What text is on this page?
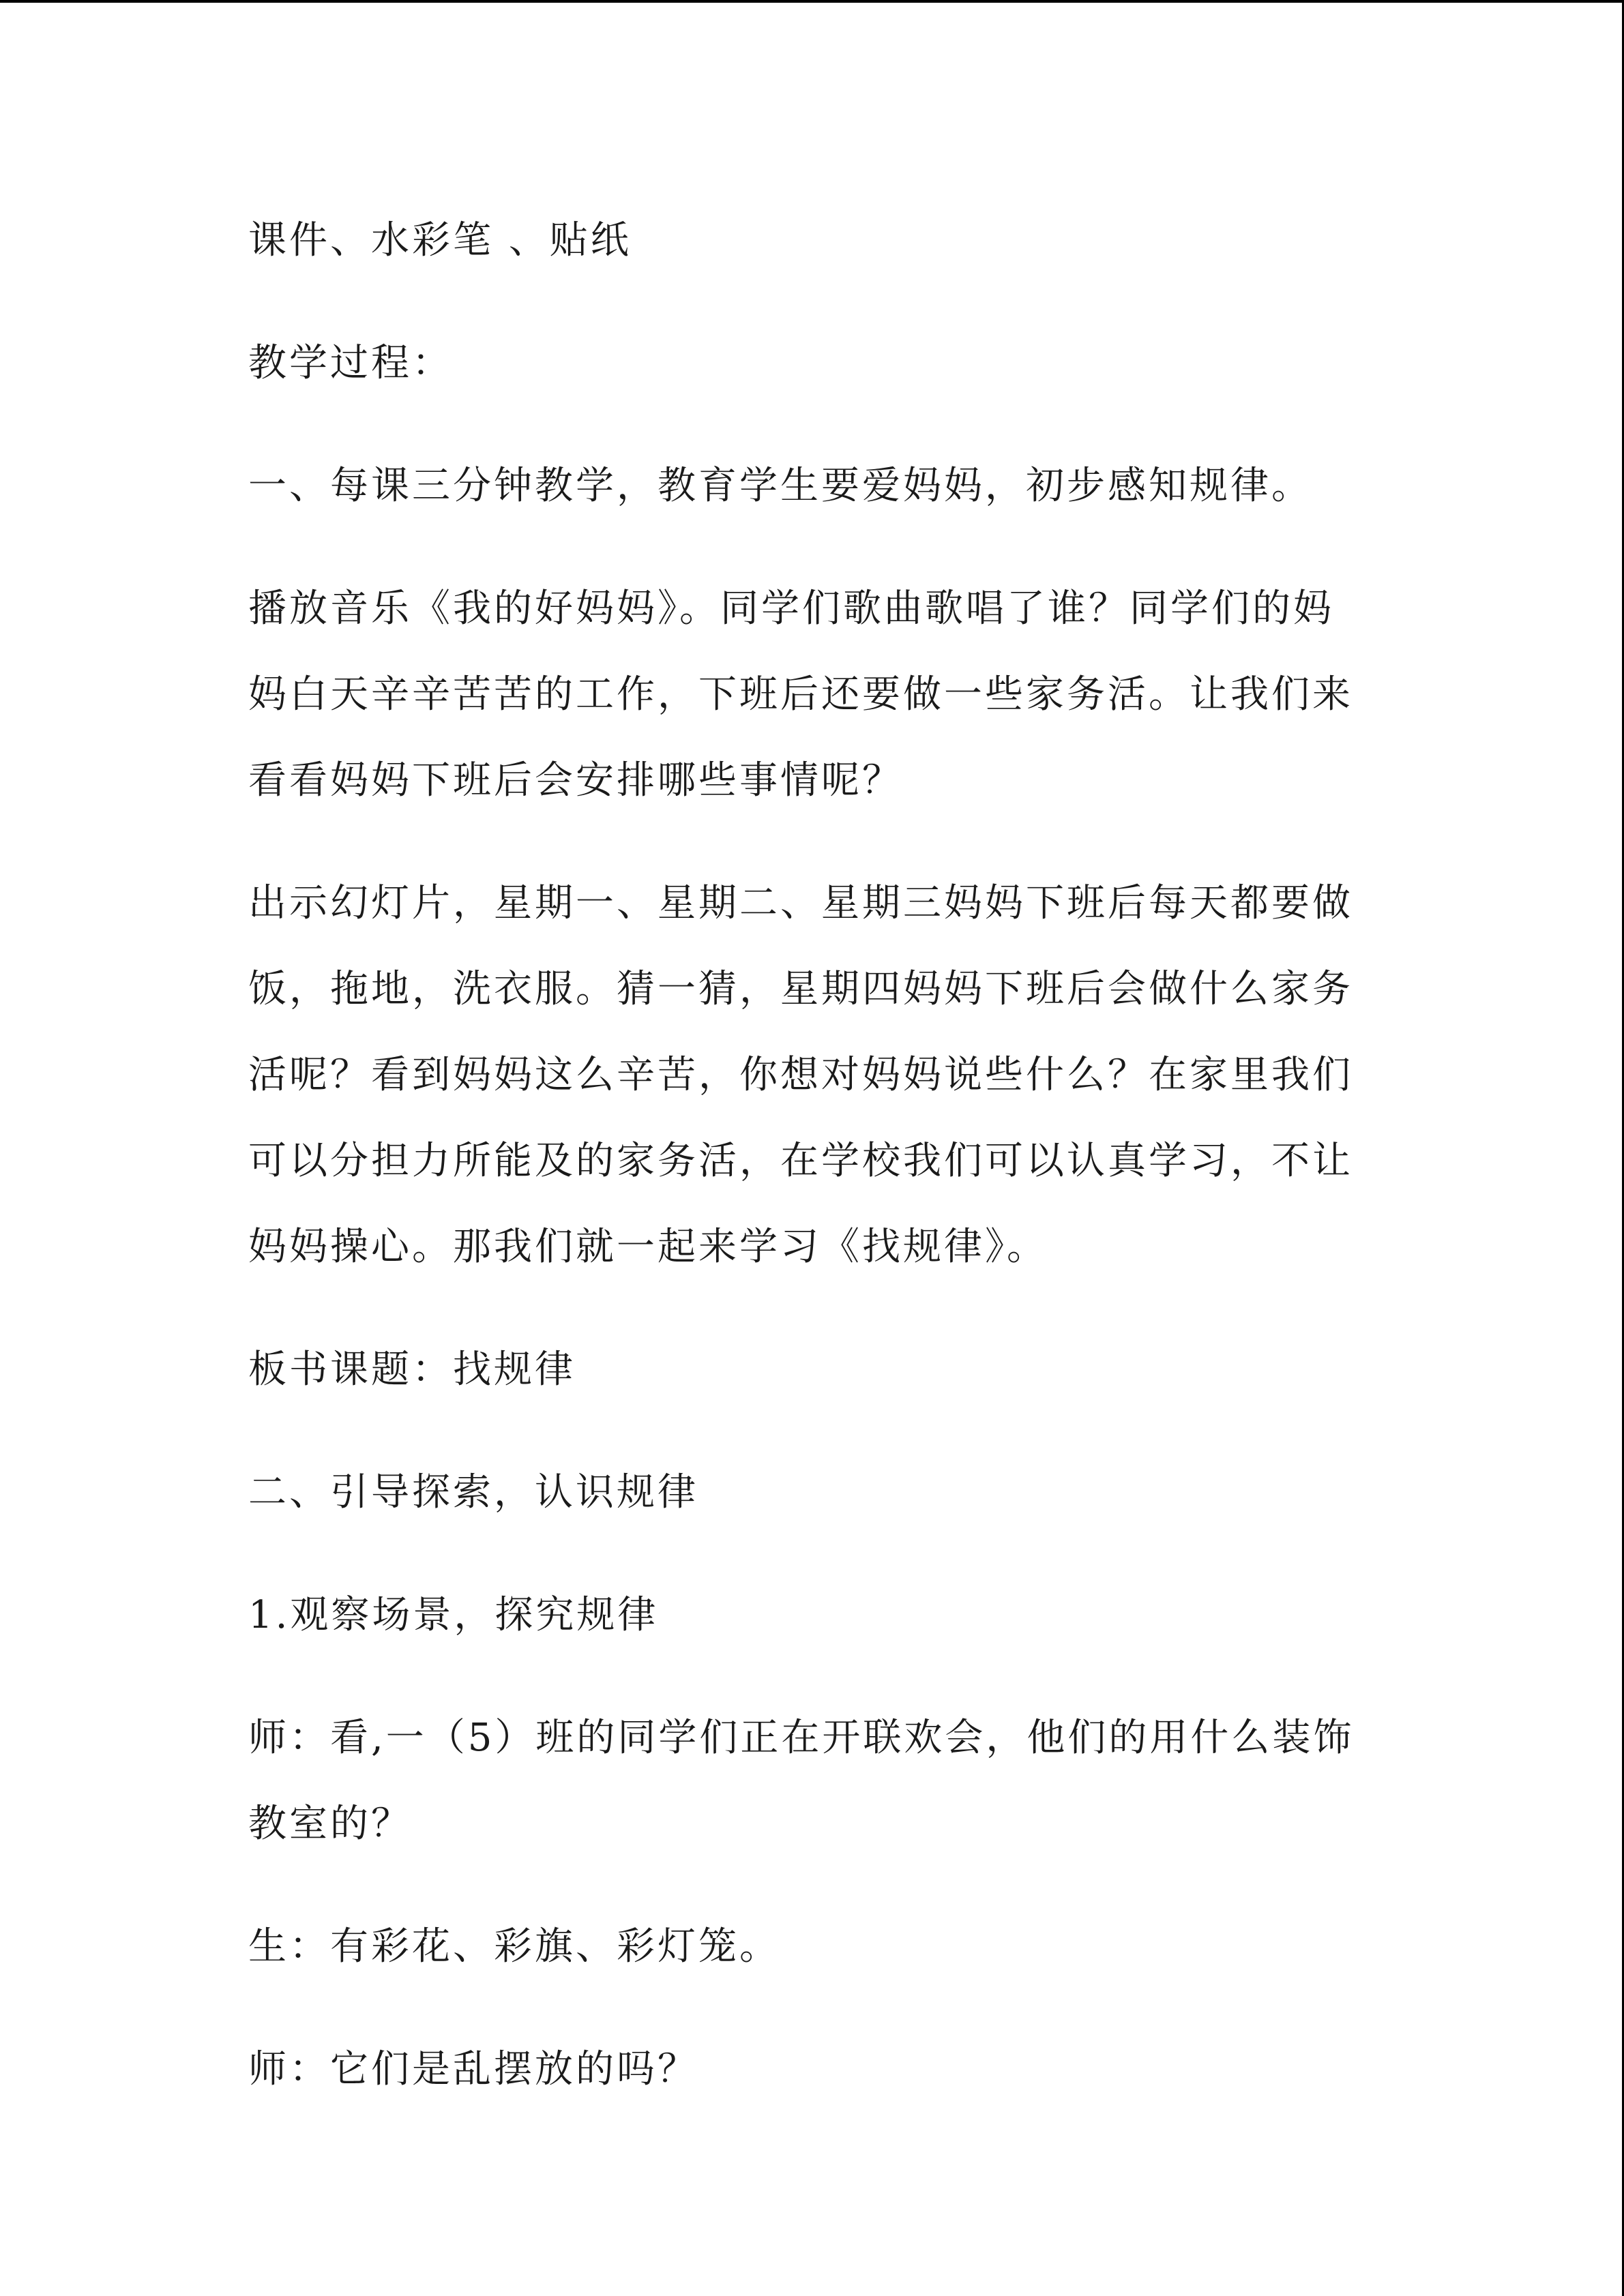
课件、水彩笔 、贴纸

教学过程：

一、每课三分钟教学，教育学生要爱妈妈，初步感知规律。

播放音乐《我的好妈妈》。同学们歌曲歌唱了谁？同学们的妈
妈白天辛辛苦苦的工作，下班后还要做一些家务活。让我们来
看看妈妈下班后会安排哪些事情呢？

出示幻灯片，星期一、星期二、星期三妈妈下班后每天都要做
饭，拖地，洗衣服。猜一猜，星期四妈妈下班后会做什么家务
活呢？看到妈妈这么辛苦，你想对妈妈说些什么？在家里我们
可以分担力所能及的家务活，在学校我们可以认真学习，不让
妈妈操心。那我们就一起来学习《找规律》。

板书课题：找规律

二、引导探索，认识规律

1.观察场景，探究规律

师：看,一（5）班的同学们正在开联欢会，他们的用什么装饰
教室的？

生：有彩花、彩旗、彩灯笼。

师：它们是乱摆放的吗？
